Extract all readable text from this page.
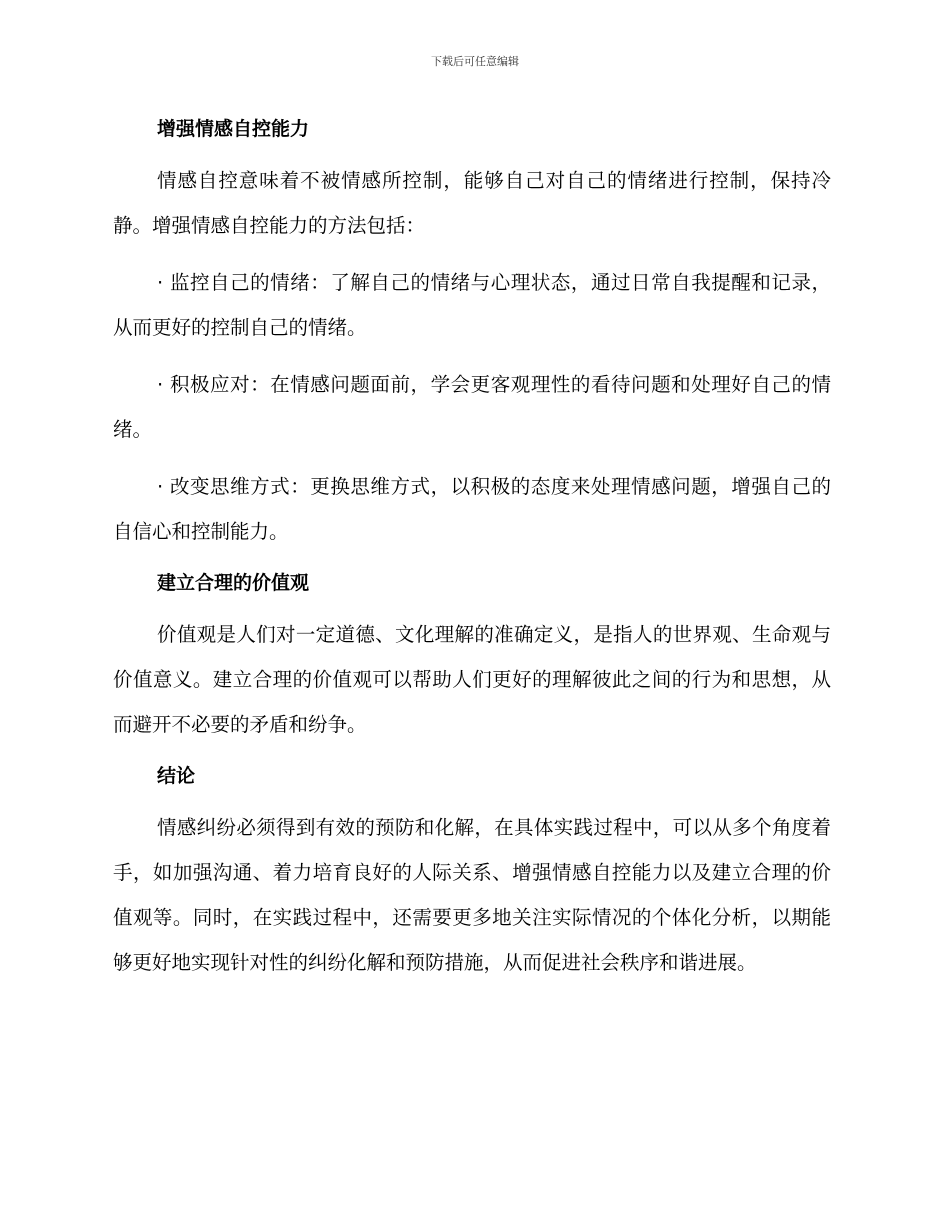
下载后可任意编辑
增强情感自控能力

情感自控意味着不被情感所控制，能够自己对自己的情绪进行控制，保持冷静。增强情感自控能力的方法包括：

· 监控自己的情绪：了解自己的情绪与心理状态，通过日常自我提醒和记录，从而更好的控制自己的情绪。

· 积极应对：在情感问题面前，学会更客观理性的看待问题和处理好自己的情绪。

· 改变思维方式：更换思维方式，以积极的态度来处理情感问题，增强自己的自信心和控制能力。

建立合理的价值观

价值观是人们对一定道德、文化理解的准确定义，是指人的世界观、生命观与价值意义。建立合理的价值观可以帮助人们更好的理解彼此之间的行为和思想，从而避开不必要的矛盾和纷争。

结论

情感纠纷必须得到有效的预防和化解，在具体实践过程中，可以从多个角度着手，如加强沟通、着力培育良好的人际关系、增强情感自控能力以及建立合理的价值观等。同时，在实践过程中，还需要更多地关注实际情况的个体化分析，以期能够更好地实现针对性的纠纷化解和预防措施，从而促进社会秩序和谐进展。
